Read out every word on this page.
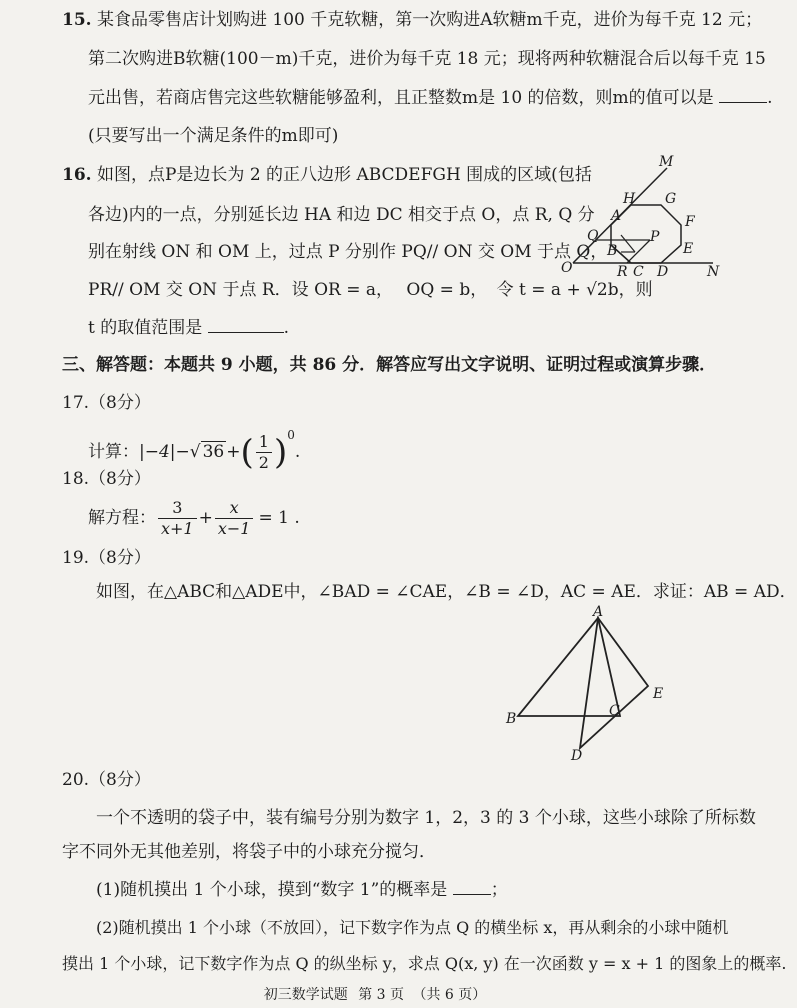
15. 某食品零售店计划购进 100 千克软糖，第一次购进A软糖m千克，进价为每千克 12 元；
第二次购进B软糖(100－m)千克，进价为每千克 18 元；现将两种软糖混合后以每千克 15
元出售，若商店售完这些软糖能够盈利，且正整数m是 10 的倍数，则m的值可以是	.
(只要写出一个满足条件的m即可)
16. 如图，点P是边长为 2 的正八边形 ABCDEFGH 围成的区域(包括
各边)内的一点，分别延长边 HA 和边 DC 相交于点 O，点 R, Q 分
别在射线 ON 和 OM 上，过点 P 分别作 PQ// ON 交 OM 于点 Q，
PR// OM 交 ON 于点 R．设 OR = a， OQ = b， 令 t = a + √2b，则
t 的取值范围是	.
M
H G
A	F
Q	P
B	E
O	R C D	N
三、解答题：本题共 9 小题，共 86 分．解答应写出文字说明、证明过程或演算步骤．
17.（8分）
计算：|−4|−√ 36 +( $\frac{1}{2} )^0$.
18.（8分）
解方程： $\frac{3}{x+1} + \frac{x}{x-1} = 1$ .
19.（8分）
如图，在△ABC和△ADE中，∠BAD = ∠CAE，∠B = ∠D，AC = AE．求证：AB = AD．
A
E
B	C
D
20.（8分）
一个不透明的袋子中，装有编号分别为数字 1，2，3 的 3 个小球，这些小球除了所标数
字不同外无其他差别，将袋子中的小球充分搅匀．
(1)随机摸出 1 个小球，摸到“数字 1”的概率是	；
(2)随机摸出 1 个小球（不放回），记下数字作为点 Q 的横坐标 x，再从剩余的小球中随机
摸出 1 个小球，记下数字作为点 Q 的纵坐标 y，求点 Q(x, y) 在一次函数 y = x + 1 的图象上的概率.
初三数学试题 第 3 页 （共 6 页）
